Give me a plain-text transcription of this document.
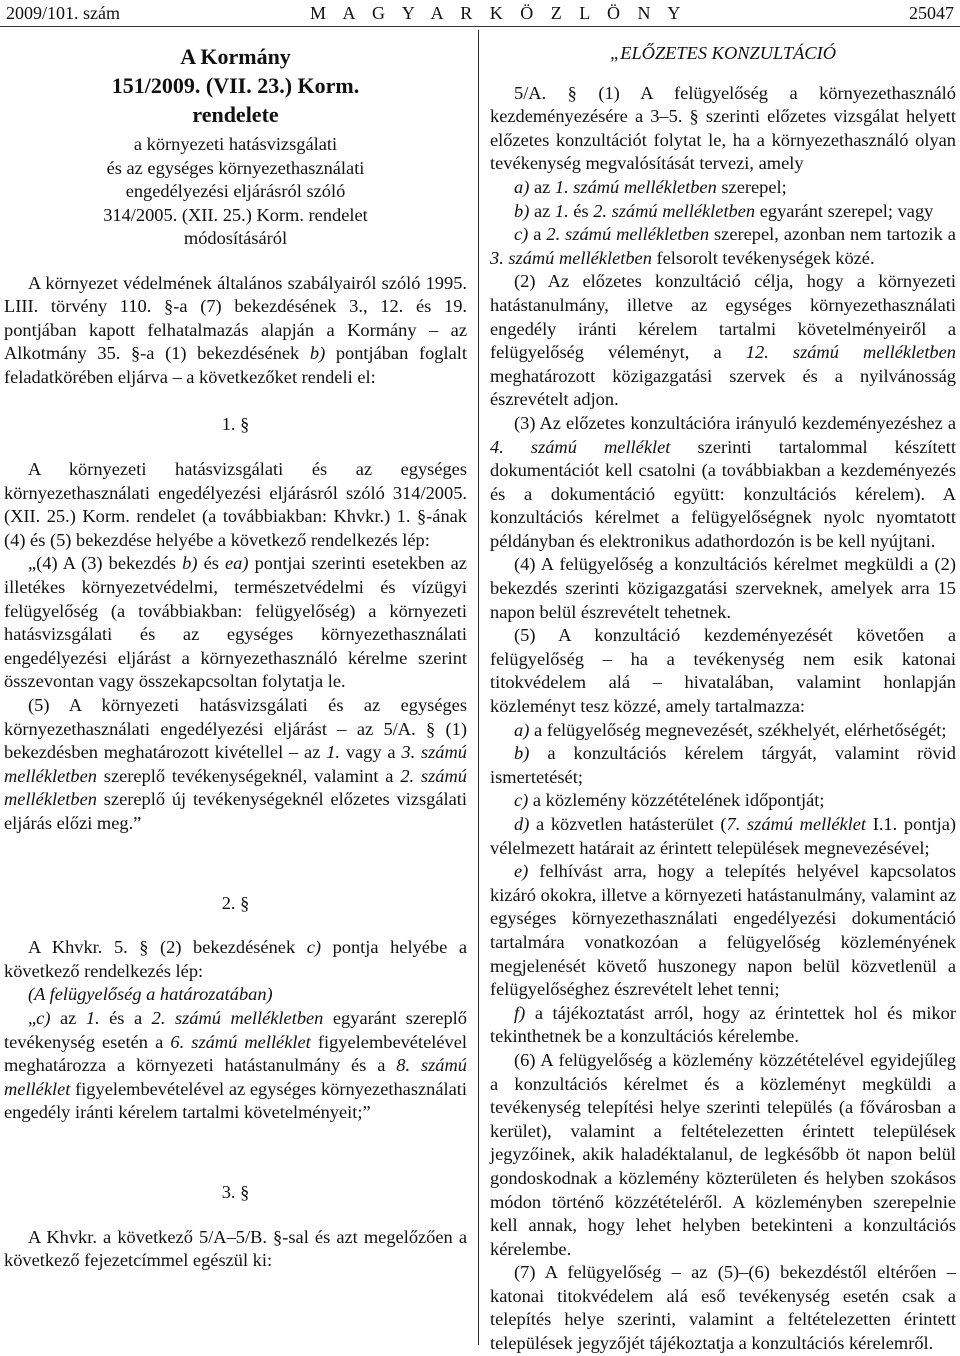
2009/101. szám	M A G Y A R K Ö Z L Ö N Y	25047
A Kormány
151/2009. (VII. 23.) Korm.
rendelete
a környezeti hatásvizsgálati
és az egységes környezethasználati
engedélyezési eljárásról szóló
314/2005. (XII. 25.) Korm. rendelet
módosításáról

A környezet védelmének általános szabályairól szóló 1995. LIII. törvény 110. §-a (7) bekezdésének 3., 12. és 19. pontjában kapott felhatalmazás alapján a Kormány – az Alkotmány 35. §-a (1) bekezdésének b) pontjában foglalt feladatkörében eljárva – a következőket rendeli el:

1. §

A környezeti hatásvizsgálati és az egységes környezethasználati engedélyezési eljárásról szóló 314/2005. (XII. 25.) Korm. rendelet (a továbbiakban: Khvkr.) 1. §-ának (4) és (5) bekezdése helyébe a következő rendelkezés lép:

„(4) A (3) bekezdés b) és ea) pontjai szerinti esetekben az illetékes környezetvédelmi, természetvédelmi és vízügyi felügyelőség (a továbbiakban: felügyelőség) a környezeti hatásvizsgálati és az egységes környezethasználati engedélyezési eljárást a környezethasználó kérelme szerint összevontan vagy összekapcsoltan folytatja le.

(5) A környezeti hatásvizsgálati és az egységes környezethasználati engedélyezési eljárást – az 5/A. § (1) bekezdésben meghatározott kivétellel – az 1. vagy a 3. számú mellékletben szereplő tevékenységeknél, valamint a 2. számú mellékletben szereplő új tevékenységeknél előzetes vizsgálati eljárás előzi meg.”

2. §

A Khvkr. 5. § (2) bekezdésének c) pontja helyébe a következő rendelkezés lép:

(A felügyelőség a határozatában)

„c) az 1. és a 2. számú mellékletben egyaránt szereplő tevékenység esetén a 6. számú melléklet figyelembevételével meghatározza a környezeti hatástanulmány és a 8. számú melléklet figyelembevételével az egységes környezethasználati engedély iránti kérelem tartalmi követelményeit;”

3. §

A Khvkr. a következő 5/A–5/B. §-sal és azt megelőzően a következő fejezetcímmel egészül ki:

„ELŐZETES KONZULTÁCIÓ

5/A. § (1) A felügyelőség a környezethasználó kezdeményezésére a 3–5. § szerinti előzetes vizsgálat helyett előzetes konzultációt folytat le, ha a környezethasználó olyan tevékenység megvalósítását tervezi, amely

a) az 1. számú mellékletben szerepel;

b) az 1. és 2. számú mellékletben egyaránt szerepel; vagy

c) a 2. számú mellékletben szerepel, azonban nem tartozik a 3. számú mellékletben felsorolt tevékenységek közé.

(2) Az előzetes konzultáció célja, hogy a környezeti hatástanulmány, illetve az egységes környezethasználati engedély iránti kérelem tartalmi követelményeiről a felügyelőség véleményt, a 12. számú mellékletben meghatározott közigazgatási szervek és a nyilvánosság észrevételt adjon.

(3) Az előzetes konzultációra irányuló kezdeményezéshez a 4. számú melléklet szerinti tartalommal készített dokumentációt kell csatolni (a továbbiakban a kezdeményezés és a dokumentáció együtt: konzultációs kérelem). A konzultációs kérelmet a felügyelőségnek nyolc nyomtatott példányban és elektronikus adathordozón is be kell nyújtani.

(4) A felügyelőség a konzultációs kérelmet megküldi a (2) bekezdés szerinti közigazgatási szerveknek, amelyek arra 15 napon belül észrevételt tehetnek.

(5) A konzultáció kezdeményezését követően a felügyelőség – ha a tevékenység nem esik katonai titokvédelem alá – hivatalában, valamint honlapján közleményt tesz közzé, amely tartalmazza:

a) a felügyelőség megnevezését, székhelyét, elérhetőségét;

b) a konzultációs kérelem tárgyát, valamint rövid ismertetését;

c) a közlemény közzétételének időpontját;

d) a közvetlen hatásterület (7. számú melléklet I.1. pontja) vélelmezett határait az érintett települések megnevezésével;

e) felhívást arra, hogy a telepítés helyével kapcsolatos kizáró okokra, illetve a környezeti hatástanulmány, valamint az egységes környezethasználati engedélyezési dokumentáció tartalmára vonatkozóan a felügyelőség közleményének megjelenését követő huszonegy napon belül közvetlenül a felügyelőséghez észrevételt lehet tenni;

f) a tájékoztatást arról, hogy az érintettek hol és mikor tekinthetnek be a konzultációs kérelembe.

(6) A felügyelőség a közlemény közzétételével egyidejűleg a konzultációs kérelmet és a közleményt megküldi a tevékenység telepítési helye szerinti település (a fővárosban a kerület), valamint a feltételezetten érintett települések jegyzőinek, akik haladéktalanul, de legkésőbb öt napon belül gondoskodnak a közlemény közterületen és helyben szokásos módon történő közzétételéről. A közleményben szerepelnie kell annak, hogy lehet helyben betekinteni a konzultációs kérelembe.

(7) A felügyelőség – az (5)–(6) bekezdéstől eltérően – katonai titokvédelem alá eső tevékenység esetén csak a telepítés helye szerinti, valamint a feltételezetten érintett települések jegyzőjét tájékoztatja a konzultációs kérelemről.
